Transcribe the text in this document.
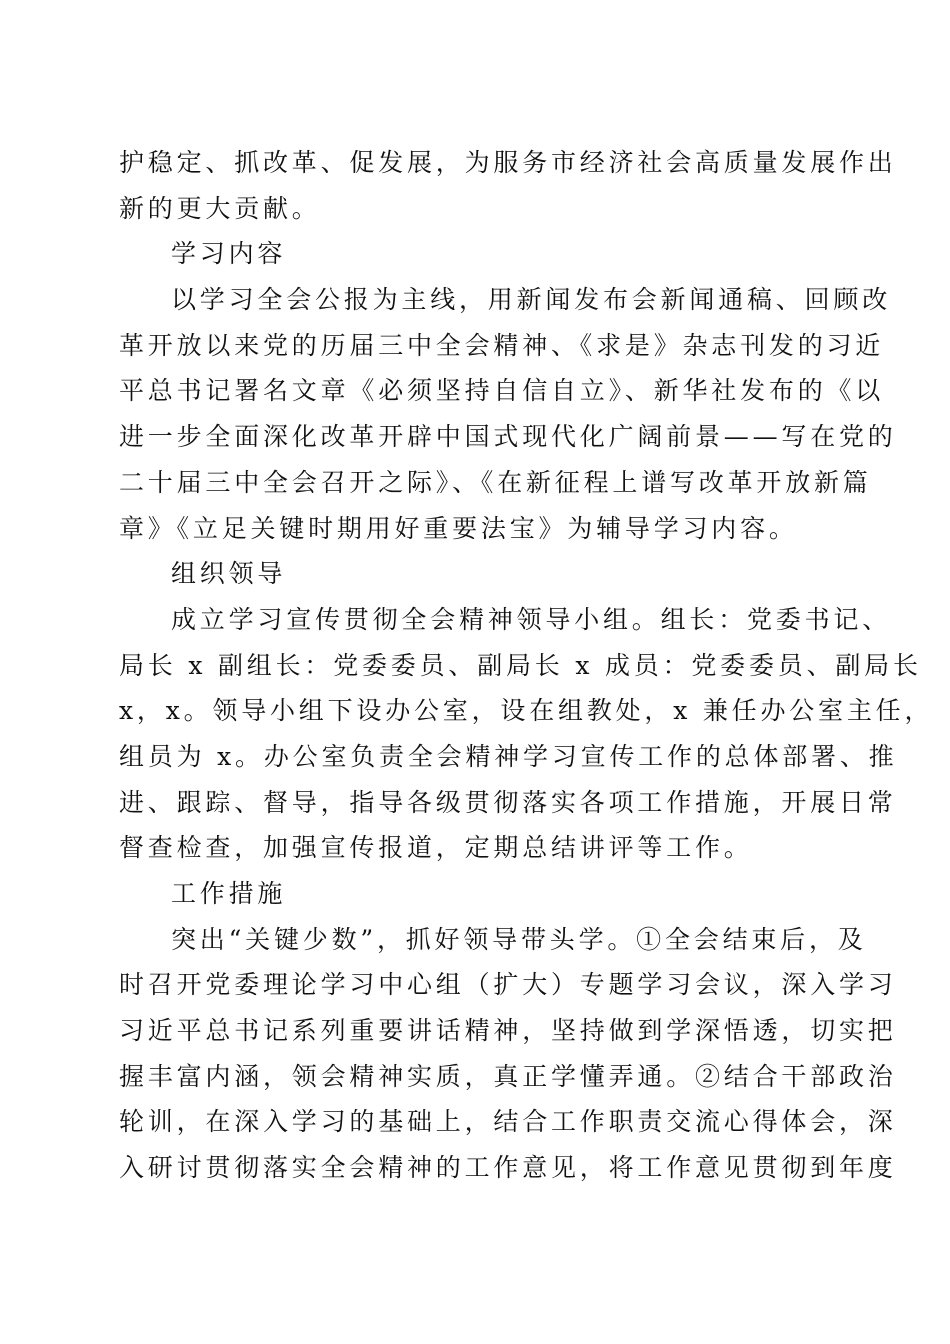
护稳定、抓改革、促发展，为服务市经济社会高质量发展作出
新的更大贡献。
学习内容
以学习全会公报为主线，用新闻发布会新闻通稿、回顾改
革开放以来党的历届三中全会精神、《求是》杂志刊发的习近
平总书记署名文章《必须坚持自信自立》、新华社发布的《以
进一步全面深化改革开辟中国式现代化广阔前景——写在党的
二十届三中全会召开之际》、《在新征程上谱写改革开放新篇
章》《立足关键时期用好重要法宝》为辅导学习内容。
组织领导
成立学习宣传贯彻全会精神领导小组。组长：党委书记、
局长 x 副组长：党委委员、副局长 x 成员：党委委员、副局长
x，x。领导小组下设办公室，设在组教处，x 兼任办公室主任，
组员为 x。办公室负责全会精神学习宣传工作的总体部署、推
进、跟踪、督导，指导各级贯彻落实各项工作措施，开展日常
督查检查，加强宣传报道，定期总结讲评等工作。
工作措施
突出“关键少数”，抓好领导带头学。①全会结束后，及
时召开党委理论学习中心组（扩大）专题学习会议，深入学习
习近平总书记系列重要讲话精神，坚持做到学深悟透，切实把
握丰富内涵，领会精神实质，真正学懂弄通。②结合干部政治
轮训，在深入学习的基础上，结合工作职责交流心得体会，深
入研讨贯彻落实全会精神的工作意见，将工作意见贯彻到年度
